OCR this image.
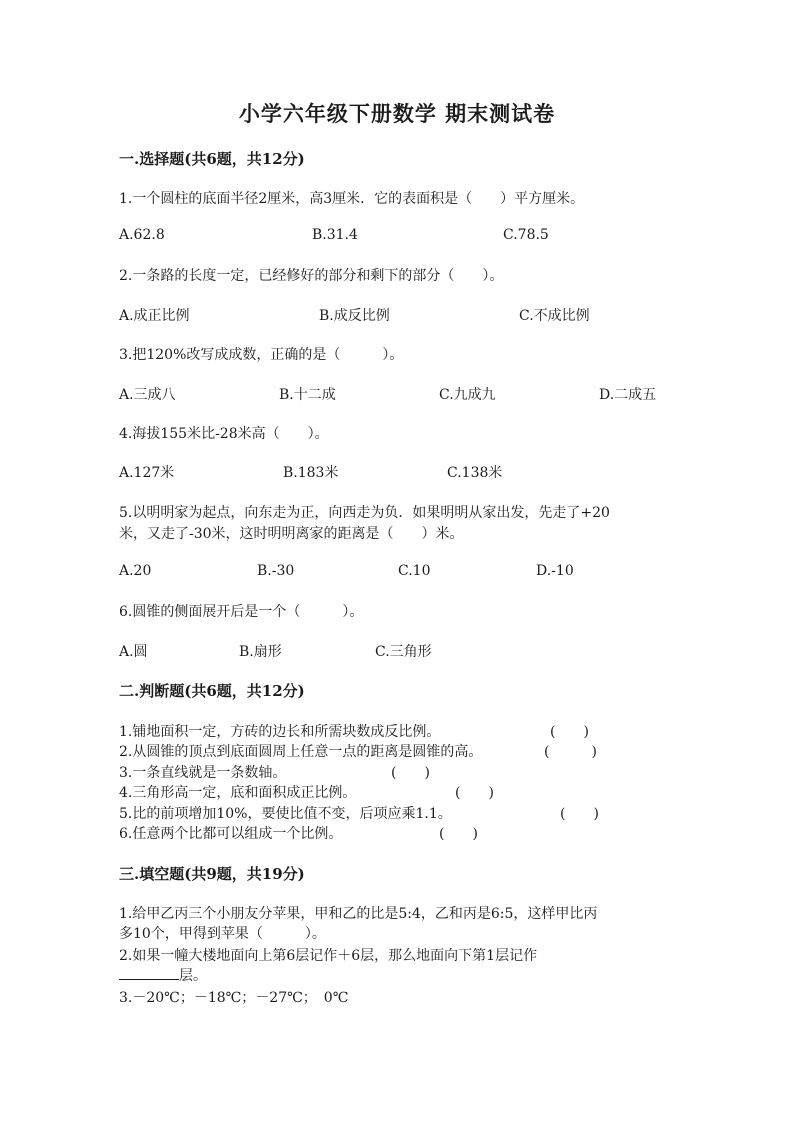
小学六年级下册数学 期末测试卷
一.选择题(共6题，共12分)
1.一个圆柱的底面半径2厘米，高3厘米．它的表面积是（　　）平方厘米。
A.62.8	B.31.4	C.78.5
2.一条路的长度一定，已经修好的部分和剩下的部分（　　）。
A.成正比例	B.成反比例	C.不成比例
3.把120%改写成成数，正确的是（　　　）。
A.三成八	B.十二成	C.九成九	D.二成五
4.海拔155米比-28米高（　　）。
A.127米	B.183米	C.138米
5.以明明家为起点，向东走为正，向西走为负．如果明明从家出发，先走了+20
米，又走了-30米，这时明明离家的距离是（　　）米。
A.20	B.-30	C.10	D.-10
6.圆锥的侧面展开后是一个（　　　）。
A.圆	B.扇形	C.三角形
二.判断题(共6题，共12分)
1.铺地面积一定，方砖的边长和所需块数成反比例。	(　　)
2.从圆锥的顶点到底面圆周上任意一点的距离是圆锥的高。	(　　　)
3.一条直线就是一条数轴。	(　　)
4.三角形高一定，底和面积成正比例。	(　　)
5.比的前项增加10%，要使比值不变，后项应乘1.1。	(　　)
6.任意两个比都可以组成一个比例。	(　　)
三.填空题(共9题，共19分)
1.给甲乙丙三个小朋友分苹果，甲和乙的比是5:4，乙和丙是6:5，这样甲比丙
多10个，甲得到苹果（　　　）。
2.如果一幢大楼地面向上第6层记作＋6层，那么地面向下第1层记作
层。
3.－20℃；－18℃；－27℃；　0℃
